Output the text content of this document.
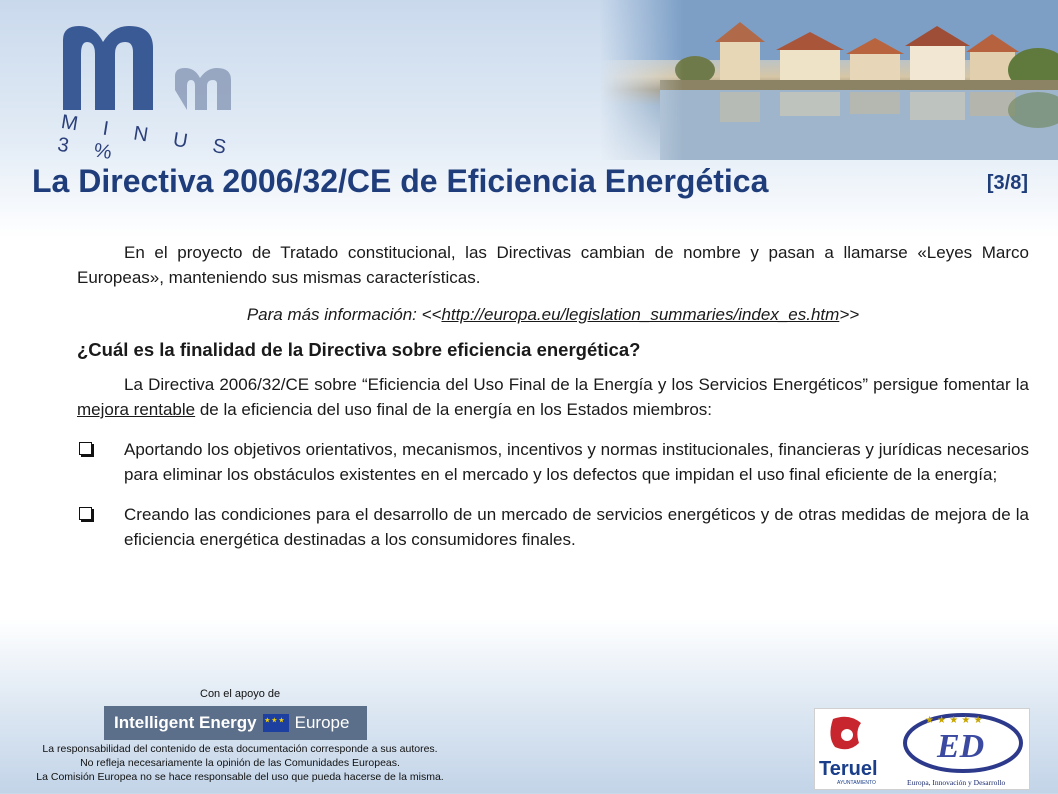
M I N U S 3 %
La Directiva 2006/32/CE de Eficiencia Energética	[3/8]

En el proyecto de Tratado constitucional, las Directivas cambian de nombre y pasan a llamarse «Leyes Marco Europeas», manteniendo sus mismas características.

Para más información: <<http://europa.eu/legislation_summaries/index_es.htm>>

¿Cuál es la finalidad de la Directiva sobre eficiencia energética?

La Directiva 2006/32/CE sobre “Eficiencia del Uso Final de la Energía y los Servicios Energéticos” persigue fomentar la mejora rentable de la eficiencia del uso final de la energía en los Estados miembros:

Aportando los objetivos orientativos, mecanismos, incentivos y normas institucionales, financieras y jurídicas necesarios para eliminar los obstáculos existentes en el mercado y los defectos que impidan el uso final eficiente de la energía;

Creando las condiciones para el desarrollo de un mercado de servicios energéticos y de otras medidas de mejora de la eficiencia energética destinadas a los consumidores finales.

Con el apoyo de
Intelligent Energy
★ ★ ★ Europe
La responsabilidad del contenido de esta documentación corresponde a sus autores.
No refleja necesariamente la opinión de las Comunidades Europeas.
La Comisión Europea no se hace responsable del uso que pueda hacerse de la misma.	Teruel
AYUNTAMIENTO
★ ★ ★ ★ ★
ED
Europa, Innovación y Desarrollo
